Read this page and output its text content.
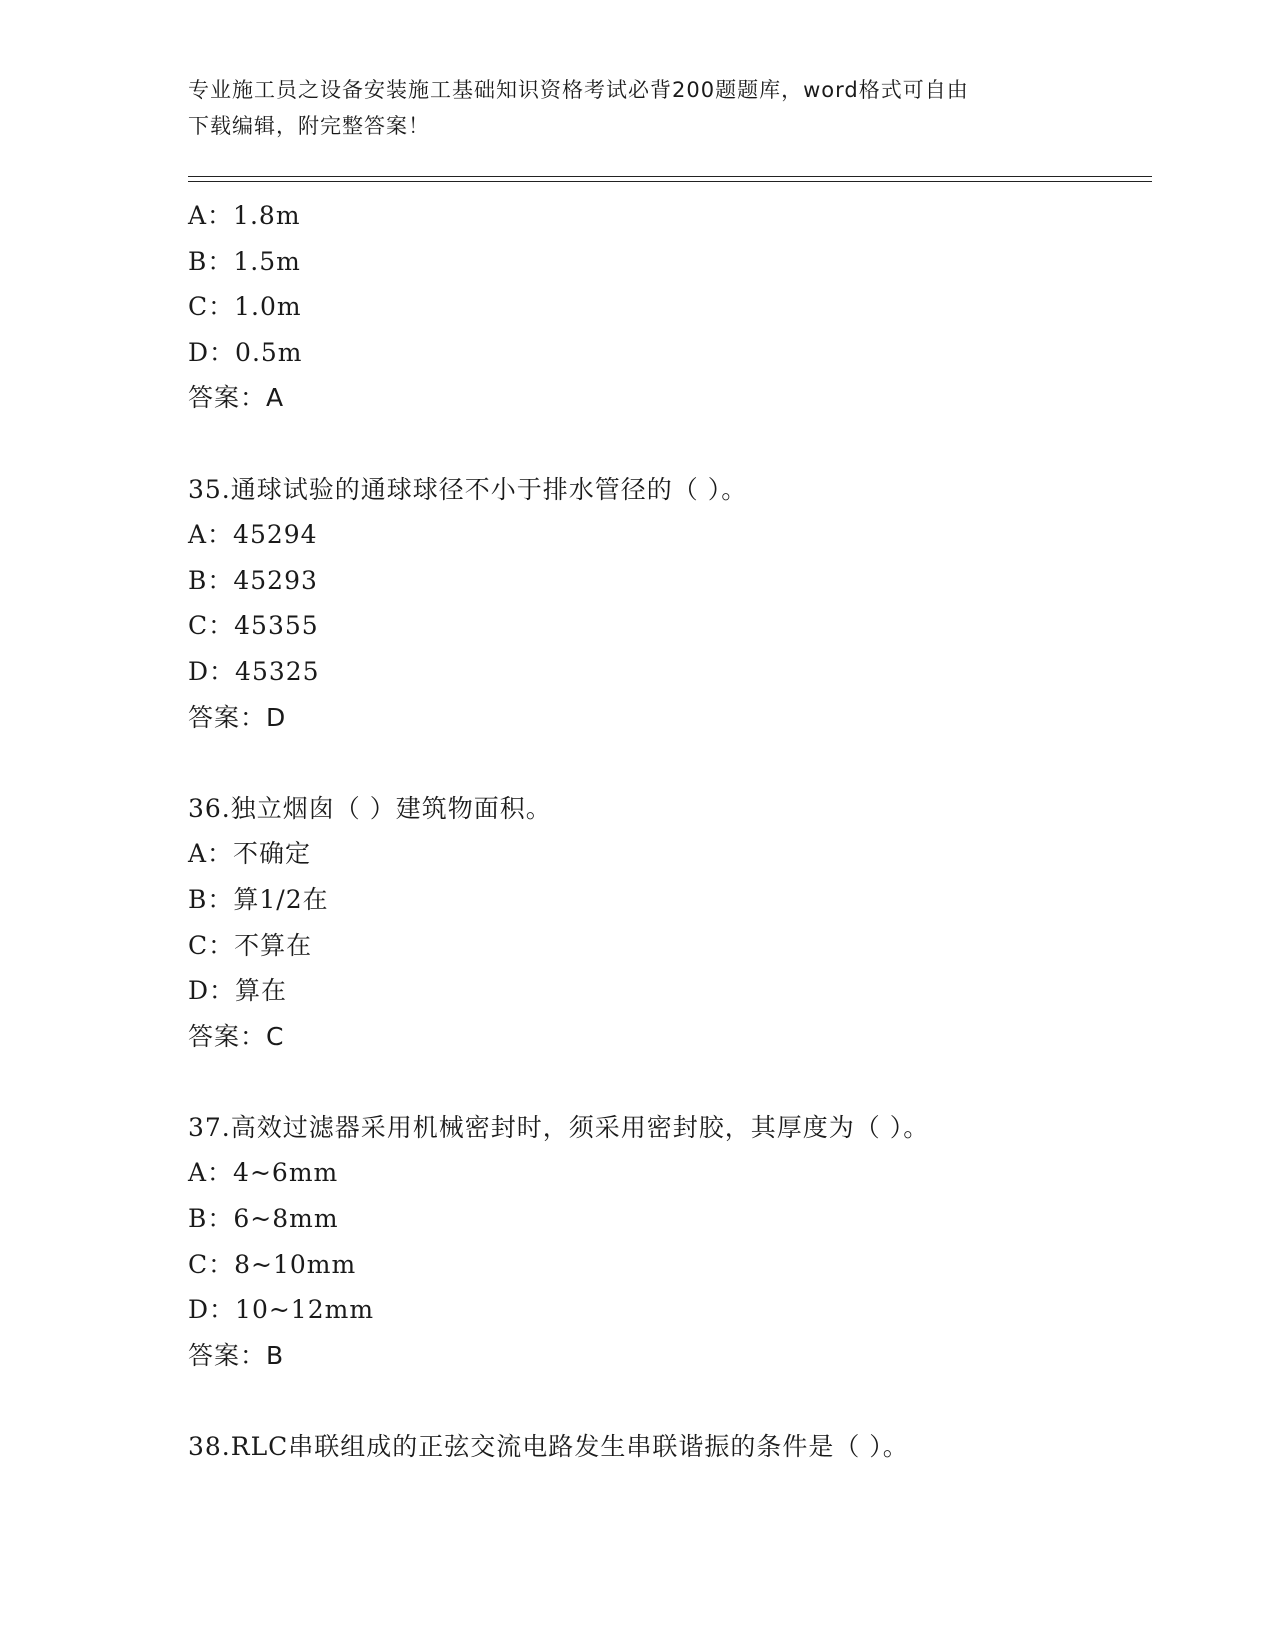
专业施工员之设备安装施工基础知识资格考试必背200题题库，word格式可自由
下载编辑，附完整答案！
A：1.8m
B：1.5m
C：1.0m
D：0.5m
答案：A
35.通球试验的通球球径不小于排水管径的（ ）。
A：45294
B：45293
C：45355
D：45325
答案：D
36.独立烟囱（ ）建筑物面积。
A：不确定
B：算1/2在
C：不算在
D：算在
答案：C
37.高效过滤器采用机械密封时，须采用密封胶，其厚度为（ ）。
A：4~6mm
B：6~8mm
C：8~10mm
D：10~12mm
答案：B
38.RLC串联组成的正弦交流电路发生串联谐振的条件是（ ）。
